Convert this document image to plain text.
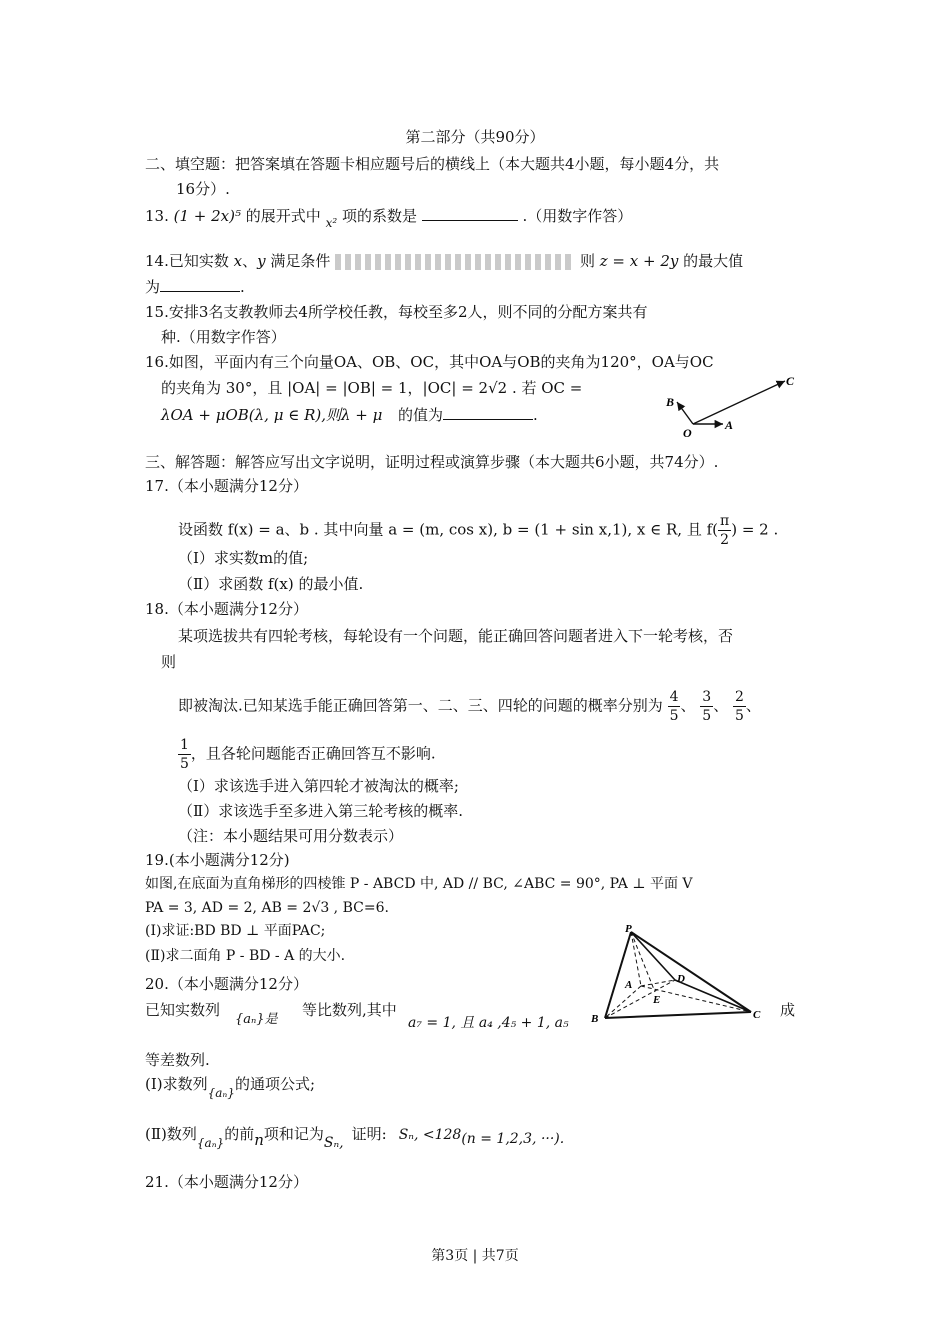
第二部分（共90分）
二、填空题：把答案填在答题卡相应题号后的横线上（本大题共4小题，每小题4分，共
16分）.
13. (1 + 2x)⁵ 的展开式中 $_{x^2}$ 项的系数是	.（用数字作答）
14.已知实数 x、y 满足条件	则 z = x + 2y 的最大值
为	.
15.安排3名支教教师去4所学校任教，每校至多2人，则不同的分配方案共有
种.（用数字作答）
16.如图，平面内有三个向量OA、OB、OC，其中OA与OB的夹角为120°，OA与OC
的夹角为 30°，且 |OA| = |OB| = 1，|OC| = 2√2 . 若 OC =
λOA + μOB(λ, μ ∈ R),则λ + μ 的值为	.
B
C
O
A
三、解答题：解答应写出文字说明，证明过程或演算步骤（本大题共6小题，共74分）.
17.（本小题满分12分）
设函数 f(x) = a、b . 其中向量 a = (m, cos x), b = (1 + sin x,1), x ∈ R, 且 $f( \frac{\pi}{2}$ ) = 2 .
（Ⅰ）求实数m的值;
（Ⅱ）求函数 f(x) 的最小值.
18.（本小题满分12分）
某项选拔共有四轮考核，每轮设有一个问题，能正确回答问题者进入下一轮考核，否
则
即被淘汰.已知某选手能正确回答第一、二、三、四轮的问题的概率分别为 $\frac{4}{5}$ 、 $\frac{3}{5}$ 、 $\frac{2}{5}$ 、
$\frac{1}{5}$ ，且各轮问题能否正确回答互不影响.
（Ⅰ）求该选手进入第四轮才被淘汰的概率;
（Ⅱ）求该选手至多进入第三轮考核的概率.
（注：本小题结果可用分数表示）
19.(本小题满分12分)
如图,在底面为直角梯形的四棱锥 P - ABCD 中, AD // BC, ∠ABC = 90°, PA ⊥ 平面 V
PA = 3, AD = 2, AB = 2√3 , BC=6.
(Ⅰ)求证:BD BD ⊥ 平面PAC;
(Ⅱ)求二面角 P - BD - A 的大小.
P
A	D
E
B	C
20.（本小题满分12分）
已知实数列
{aₙ}是
等比数列,其中
a₇ = 1, 且 a₄ ,4₅ + 1, a₅
成
等差数列.
(Ⅰ)求数列$_{\{a_n\}}$的通项公式;
(Ⅱ)数列$_{\{a_n\}}$的前n项和记为Sₙ, 证明: Sₙ, <128(n = 1,2,3, ···).
21.（本小题满分12分）
第3页 | 共7页
